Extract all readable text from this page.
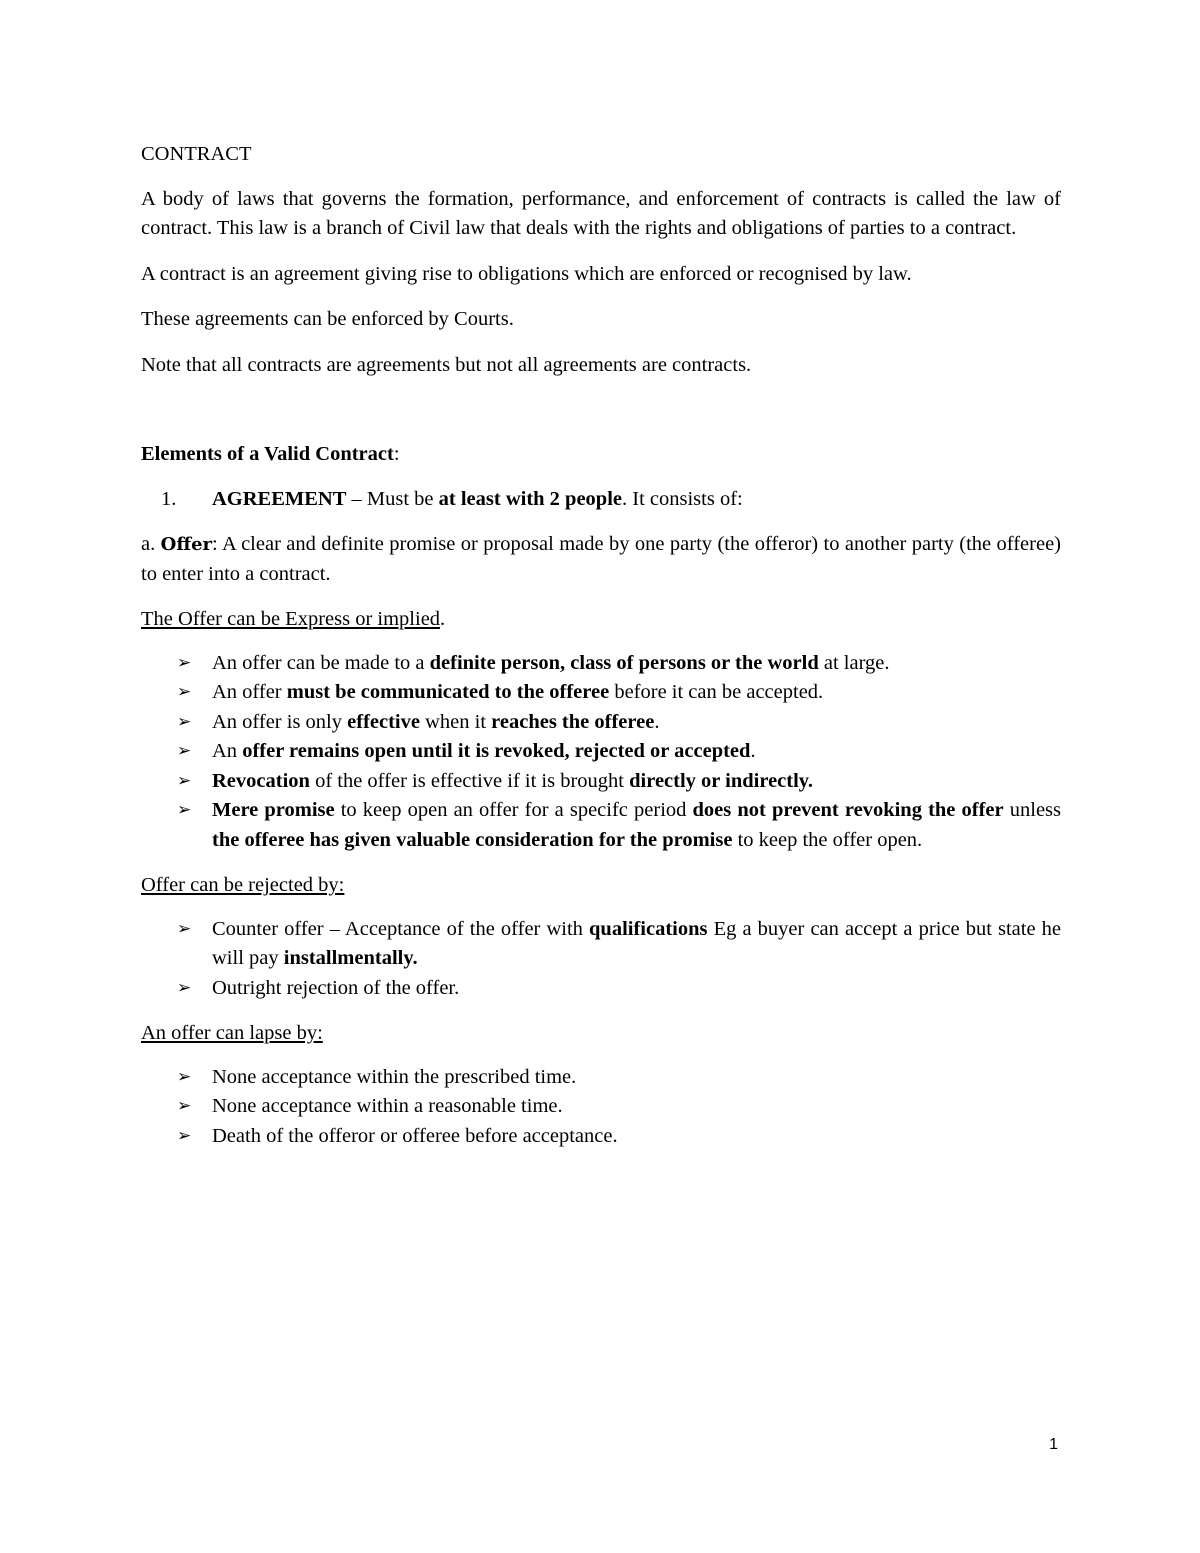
CONTRACT

A body of laws that governs the formation, performance, and enforcement of contracts is called the law of contract. This law is a branch of Civil law that deals with the rights and obligations of parties to a contract.

A contract is an agreement giving rise to obligations which are enforced or recognised by law.

These agreements can be enforced by Courts.

Note that all contracts are agreements but not all agreements are contracts.

Elements of a Valid Contract:

1. AGREEMENT – Must be at least with 2 people. It consists of:

a. Offer: A clear and definite promise or proposal made by one party (the offeror) to another party (the offeree) to enter into a contract.

The Offer can be Express or implied.

➢ An offer can be made to a definite person, class of persons or the world at large.
➢ An offer must be communicated to the offeree before it can be accepted.
➢ An offer is only effective when it reaches the offeree.
➢ An offer remains open until it is revoked, rejected or accepted.
➢ Revocation of the offer is effective if it is brought directly or indirectly.
➢ Mere promise to keep open an offer for a specifc period does not prevent revoking the offer unless the offeree has given valuable consideration for the promise to keep the offer open.

Offer can be rejected by:

➢ Counter offer – Acceptance of the offer with qualifications Eg a buyer can accept a price but state he will pay installmentally.
➢ Outright rejection of the offer.

An offer can lapse by:

➢ None acceptance within the prescribed time.
➢ None acceptance within a reasonable time.
➢ Death of the offeror or offeree before acceptance.
1
